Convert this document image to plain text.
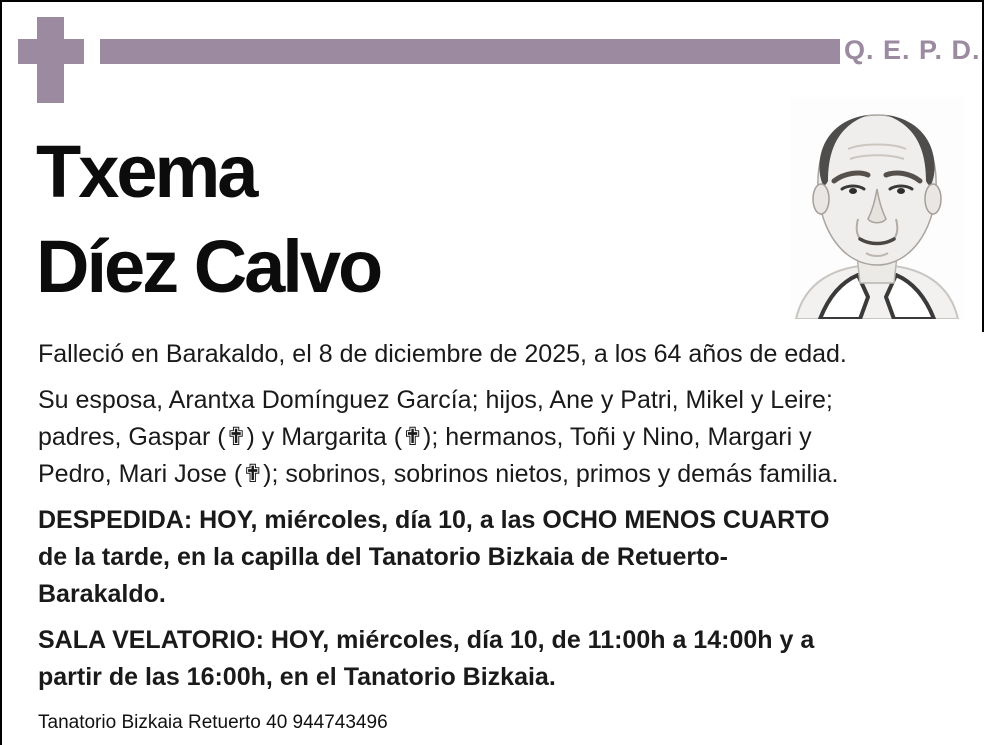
Q. E. P. D.
Txema
Díez Calvo

Falleció en Barakaldo, el 8 de diciembre de 2025, a los 64 años de edad.

Su esposa, Arantxa Domínguez García; hijos, Ane y Patri, Mikel y Leire;
padres, Gaspar (✟) y Margarita (✟); hermanos, Toñi y Nino, Margari y
Pedro, Mari Jose (✟); sobrinos, sobrinos nietos, primos y demás familia.

DESPEDIDA: HOY, miércoles, día 10, a las OCHO MENOS CUARTO
de la tarde, en la capilla del Tanatorio Bizkaia de Retuerto-
Barakaldo.

SALA VELATORIO: HOY, miércoles, día 10, de 11:00h a 14:00h y a
partir de las 16:00h, en el Tanatorio Bizkaia.

Tanatorio Bizkaia Retuerto 40 944743496
